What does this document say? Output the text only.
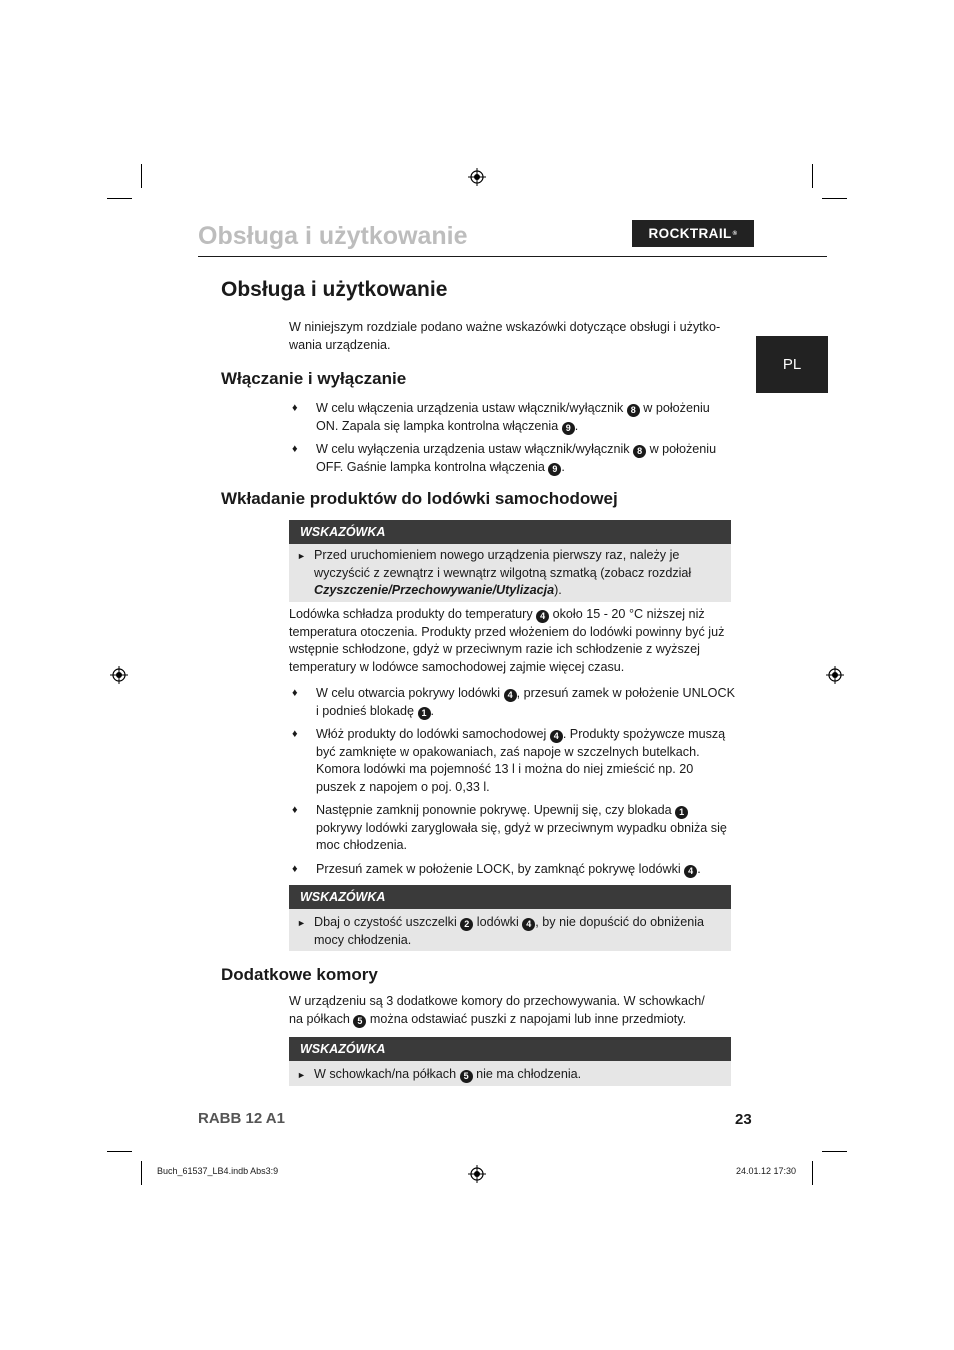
Obsługa i użytkowanie	ROCKTRAIL ®
PL
Obsługa i użytkowanie
W niniejszym rozdziale podano ważne wskazówki dotyczące obsługi i użytko-wania urządzenia.
Włączanie i wyłączanie
♦ W celu włączenia urządzenia ustaw włącznik/wyłącznik 8 w położeniu ON. Zapala się lampka kontrolna włączenia 9 .
♦ W celu wyłączenia urządzenia ustaw włącznik/wyłącznik 8 w położeniu OFF. Gaśnie lampka kontrolna włączenia 9 .
Wkładanie produktów do lodówki samochodowej
WSKAZÓWKA
► Przed uruchomieniem nowego urządzenia pierwszy raz, należy je wyczyścić z zewnątrz i wewnątrz wilgotną szmatką (zobacz rozdział Czyszczenie/Przechowywanie/Utylizacja).
Lodówka schładza produkty do temperatury 4 około 15 - 20 °C niższej niż temperatura otoczenia. Produkty przed włożeniem do lodówki powinny być już wstępnie schłodzone, gdyż w przeciwnym razie ich schłodzenie z wyższej temperatury w lodówce samochodowej zajmie więcej czasu.
♦ W celu otwarcia pokrywy lodówki 4 , przesuń zamek w położenie UNLOCK i podnieś blokadę 1 .
♦ Włóż produkty do lodówki samochodowej 4 . Produkty spożywcze muszą być zamknięte w opakowaniach, zaś napoje w szczelnych butelkach. Komora lodówki ma pojemność 13 l i można do niej zmieścić np. 20 puszek z napojem o poj. 0,33 l.
♦ Następnie zamknij ponownie pokrywę. Upewnij się, czy blokada 1 pokrywy lodówki zaryglowała się, gdyż w przeciwnym wypadku obniża się moc chłodzenia.
♦ Przesuń zamek w położenie LOCK, by zamknąć pokrywę lodówki 4 .
WSKAZÓWKA
► Dbaj o czystość uszczelki 2 lodówki 4 , by nie dopuścić do obniżenia mocy chłodzenia.
Dodatkowe komory
W urządzeniu są 3 dodatkowe komory do przechowywania. W schowkach/ na półkach 5 można odstawiać puszki z napojami lub inne przedmioty.
WSKAZÓWKA
► W schowkach/na półkach 5 nie ma chłodzenia.
RABB 12 A1	23
Buch_61537_LB4.indb Abs3:9	24.01.12 17:30
